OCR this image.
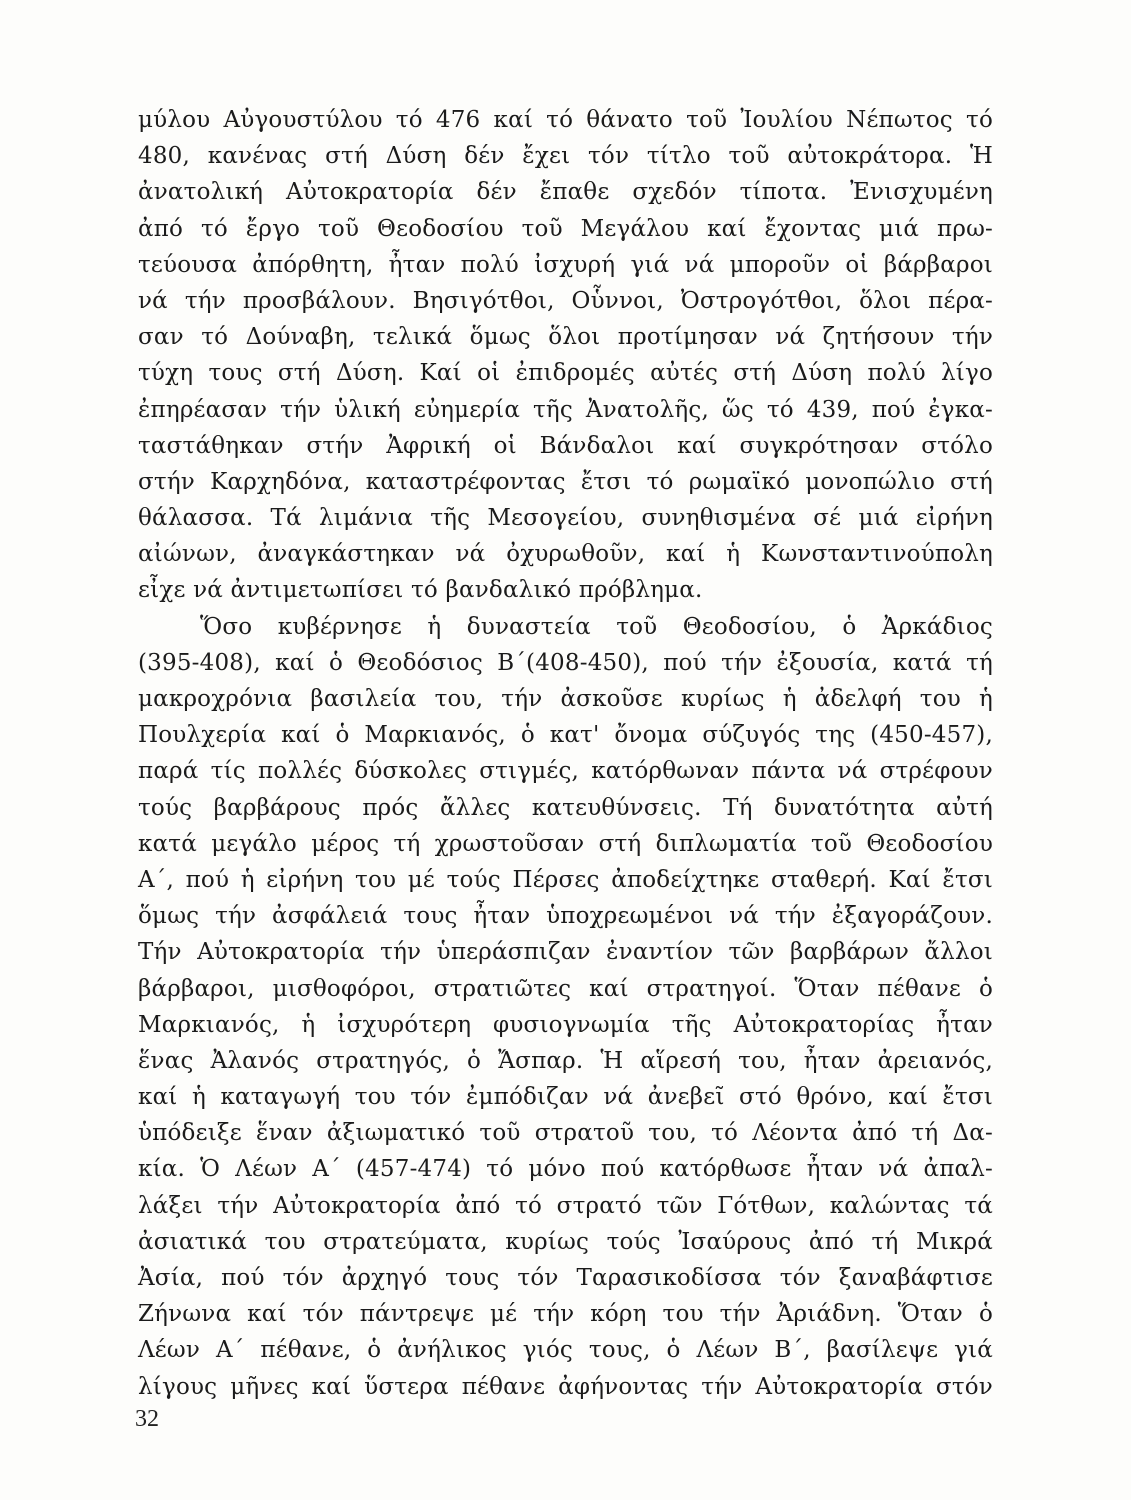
μύλου Αὐγουστύλου τό 476 καί τό θάνατο τοῦ Ἰουλίου Νέπωτος τό
480, κανένας στή Δύση δέν ἔχει τόν τίτλο τοῦ αὐτοκράτορα. Ἡ
ἀνατολική Αὐτοκρατορία δέν ἔπαθε σχεδόν τίποτα. Ἐνισχυμένη
ἀπό τό ἔργο τοῦ Θεοδοσίου τοῦ Μεγάλου καί ἔχοντας μιά πρω-
τεύουσα ἀπόρθητη, ἦταν πολύ ἰσχυρή γιά νά μποροῦν οἱ βάρβαροι
νά τήν προσβάλουν. Βησιγότθοι, Οὗννοι, Ὀστρογότθοι, ὅλοι πέρα-
σαν τό Δούναβη, τελικά ὅμως ὅλοι προτίμησαν νά ζητήσουν τήν
τύχη τους στή Δύση. Καί οἱ ἐπιδρομές αὐτές στή Δύση πολύ λίγο
ἐπηρέασαν τήν ὑλική εὐημερία τῆς Ἀνατολῆς, ὥς τό 439, πού ἐγκα-
ταστάθηκαν στήν Ἀφρική οἱ Βάνδαλοι καί συγκρότησαν στόλο
στήν Καρχηδόνα, καταστρέφοντας ἔτσι τό ρωμαϊκό μονοπώλιο στή
θάλασσα. Τά λιμάνια τῆς Μεσογείου, συνηθισμένα σέ μιά εἰρήνη
αἰώνων, ἀναγκάστηκαν νά ὀχυρωθοῦν, καί ἡ Κωνσταντινούπολη
εἶχε νά ἀντιμετωπίσει τό βανδαλικό πρόβλημα.
Ὅσο κυβέρνησε ἡ δυναστεία τοῦ Θεοδοσίου, ὁ Ἀρκάδιος
(395-408), καί ὁ Θεοδόσιος Β΄(408-450), πού τήν ἐξουσία, κατά τή
μακροχρόνια βασιλεία του, τήν ἀσκοῦσε κυρίως ἡ ἀδελφή του ἡ
Πουλχερία καί ὁ Μαρκιανός, ὁ κατ' ὄνομα σύζυγός της (450-457),
παρά τίς πολλές δύσκολες στιγμές, κατόρθωναν πάντα νά στρέφουν
τούς βαρβάρους πρός ἄλλες κατευθύνσεις. Τή δυνατότητα αὐτή
κατά μεγάλο μέρος τή χρωστοῦσαν στή διπλωματία τοῦ Θεοδοσίου
Α΄, πού ἡ εἰρήνη του μέ τούς Πέρσες ἀποδείχτηκε σταθερή. Καί ἔτσι
ὅμως τήν ἀσφάλειά τους ἦταν ὑποχρεωμένοι νά τήν ἐξαγοράζουν.
Τήν Αὐτοκρατορία τήν ὑπεράσπιζαν ἐναντίον τῶν βαρβάρων ἄλλοι
βάρβαροι, μισθοφόροι, στρατιῶτες καί στρατηγοί. Ὅταν πέθανε ὁ
Μαρκιανός, ἡ ἰσχυρότερη φυσιογνωμία τῆς Αὐτοκρατορίας ἦταν
ἕνας Ἀλανός στρατηγός, ὁ Ἄσπαρ. Ἡ αἵρεσή του, ἦταν ἀρειανός,
καί ἡ καταγωγή του τόν ἐμπόδιζαν νά ἀνεβεῖ στό θρόνο, καί ἔτσι
ὑπόδειξε ἕναν ἀξιωματικό τοῦ στρατοῦ του, τό Λέοντα ἀπό τή Δα-
κία. Ὁ Λέων Α΄ (457-474) τό μόνο πού κατόρθωσε ἦταν νά ἀπαλ-
λάξει τήν Αὐτοκρατορία ἀπό τό στρατό τῶν Γότθων, καλώντας τά
ἀσιατικά του στρατεύματα, κυρίως τούς Ἰσαύρους ἀπό τή Μικρά
Ἀσία, πού τόν ἀρχηγό τους τόν Ταρασικοδίσσα τόν ξαναβάφτισε
Ζήνωνα καί τόν πάντρεψε μέ τήν κόρη του τήν Ἀριάδνη. Ὅταν ὁ
Λέων Α΄ πέθανε, ὁ ἀνήλικος γιός τους, ὁ Λέων Β΄, βασίλεψε γιά
λίγους μῆνες καί ὕστερα πέθανε ἀφήνοντας τήν Αὐτοκρατορία στόν
32
